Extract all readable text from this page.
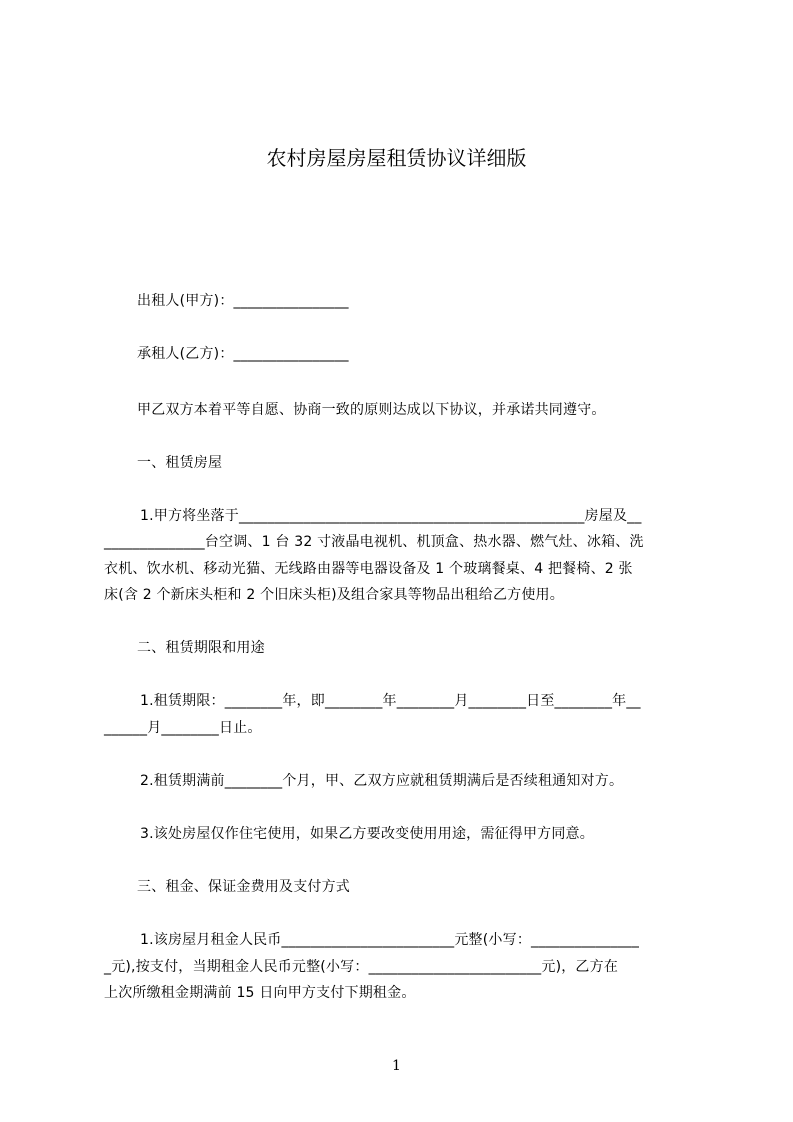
农村房屋房屋租赁协议详细版
出租人(甲方)：________________
承租人(乙方)：________________
甲乙双方本着平等自愿、协商一致的原则达成以下协议，并承诺共同遵守。
一、租赁房屋
1.甲方将坐落于________________________________________________房屋及__
______________台空调、1 台 32 寸液晶电视机、机顶盒、热水器、燃气灶、冰箱、洗
衣机、饮水机、移动光猫、无线路由器等电器设备及 1 个玻璃餐桌、4 把餐椅、2 张
床(含 2 个新床头柜和 2 个旧床头柜)及组合家具等物品出租给乙方使用。
二、租赁期限和用途
1.租赁期限：________年，即________年________月________日至________年__
______月________日止。
2.租赁期满前________个月，甲、乙双方应就租赁期满后是否续租通知对方。
3.该处房屋仅作住宅使用，如果乙方要改变使用用途，需征得甲方同意。
三、租金、保证金费用及支付方式
1.该房屋月租金人民币________________________元整(小写：_______________
_元),按支付，当期租金人民币元整(小写：________________________元)，乙方在
上次所缴租金期满前 15 日向甲方支付下期租金。
1
